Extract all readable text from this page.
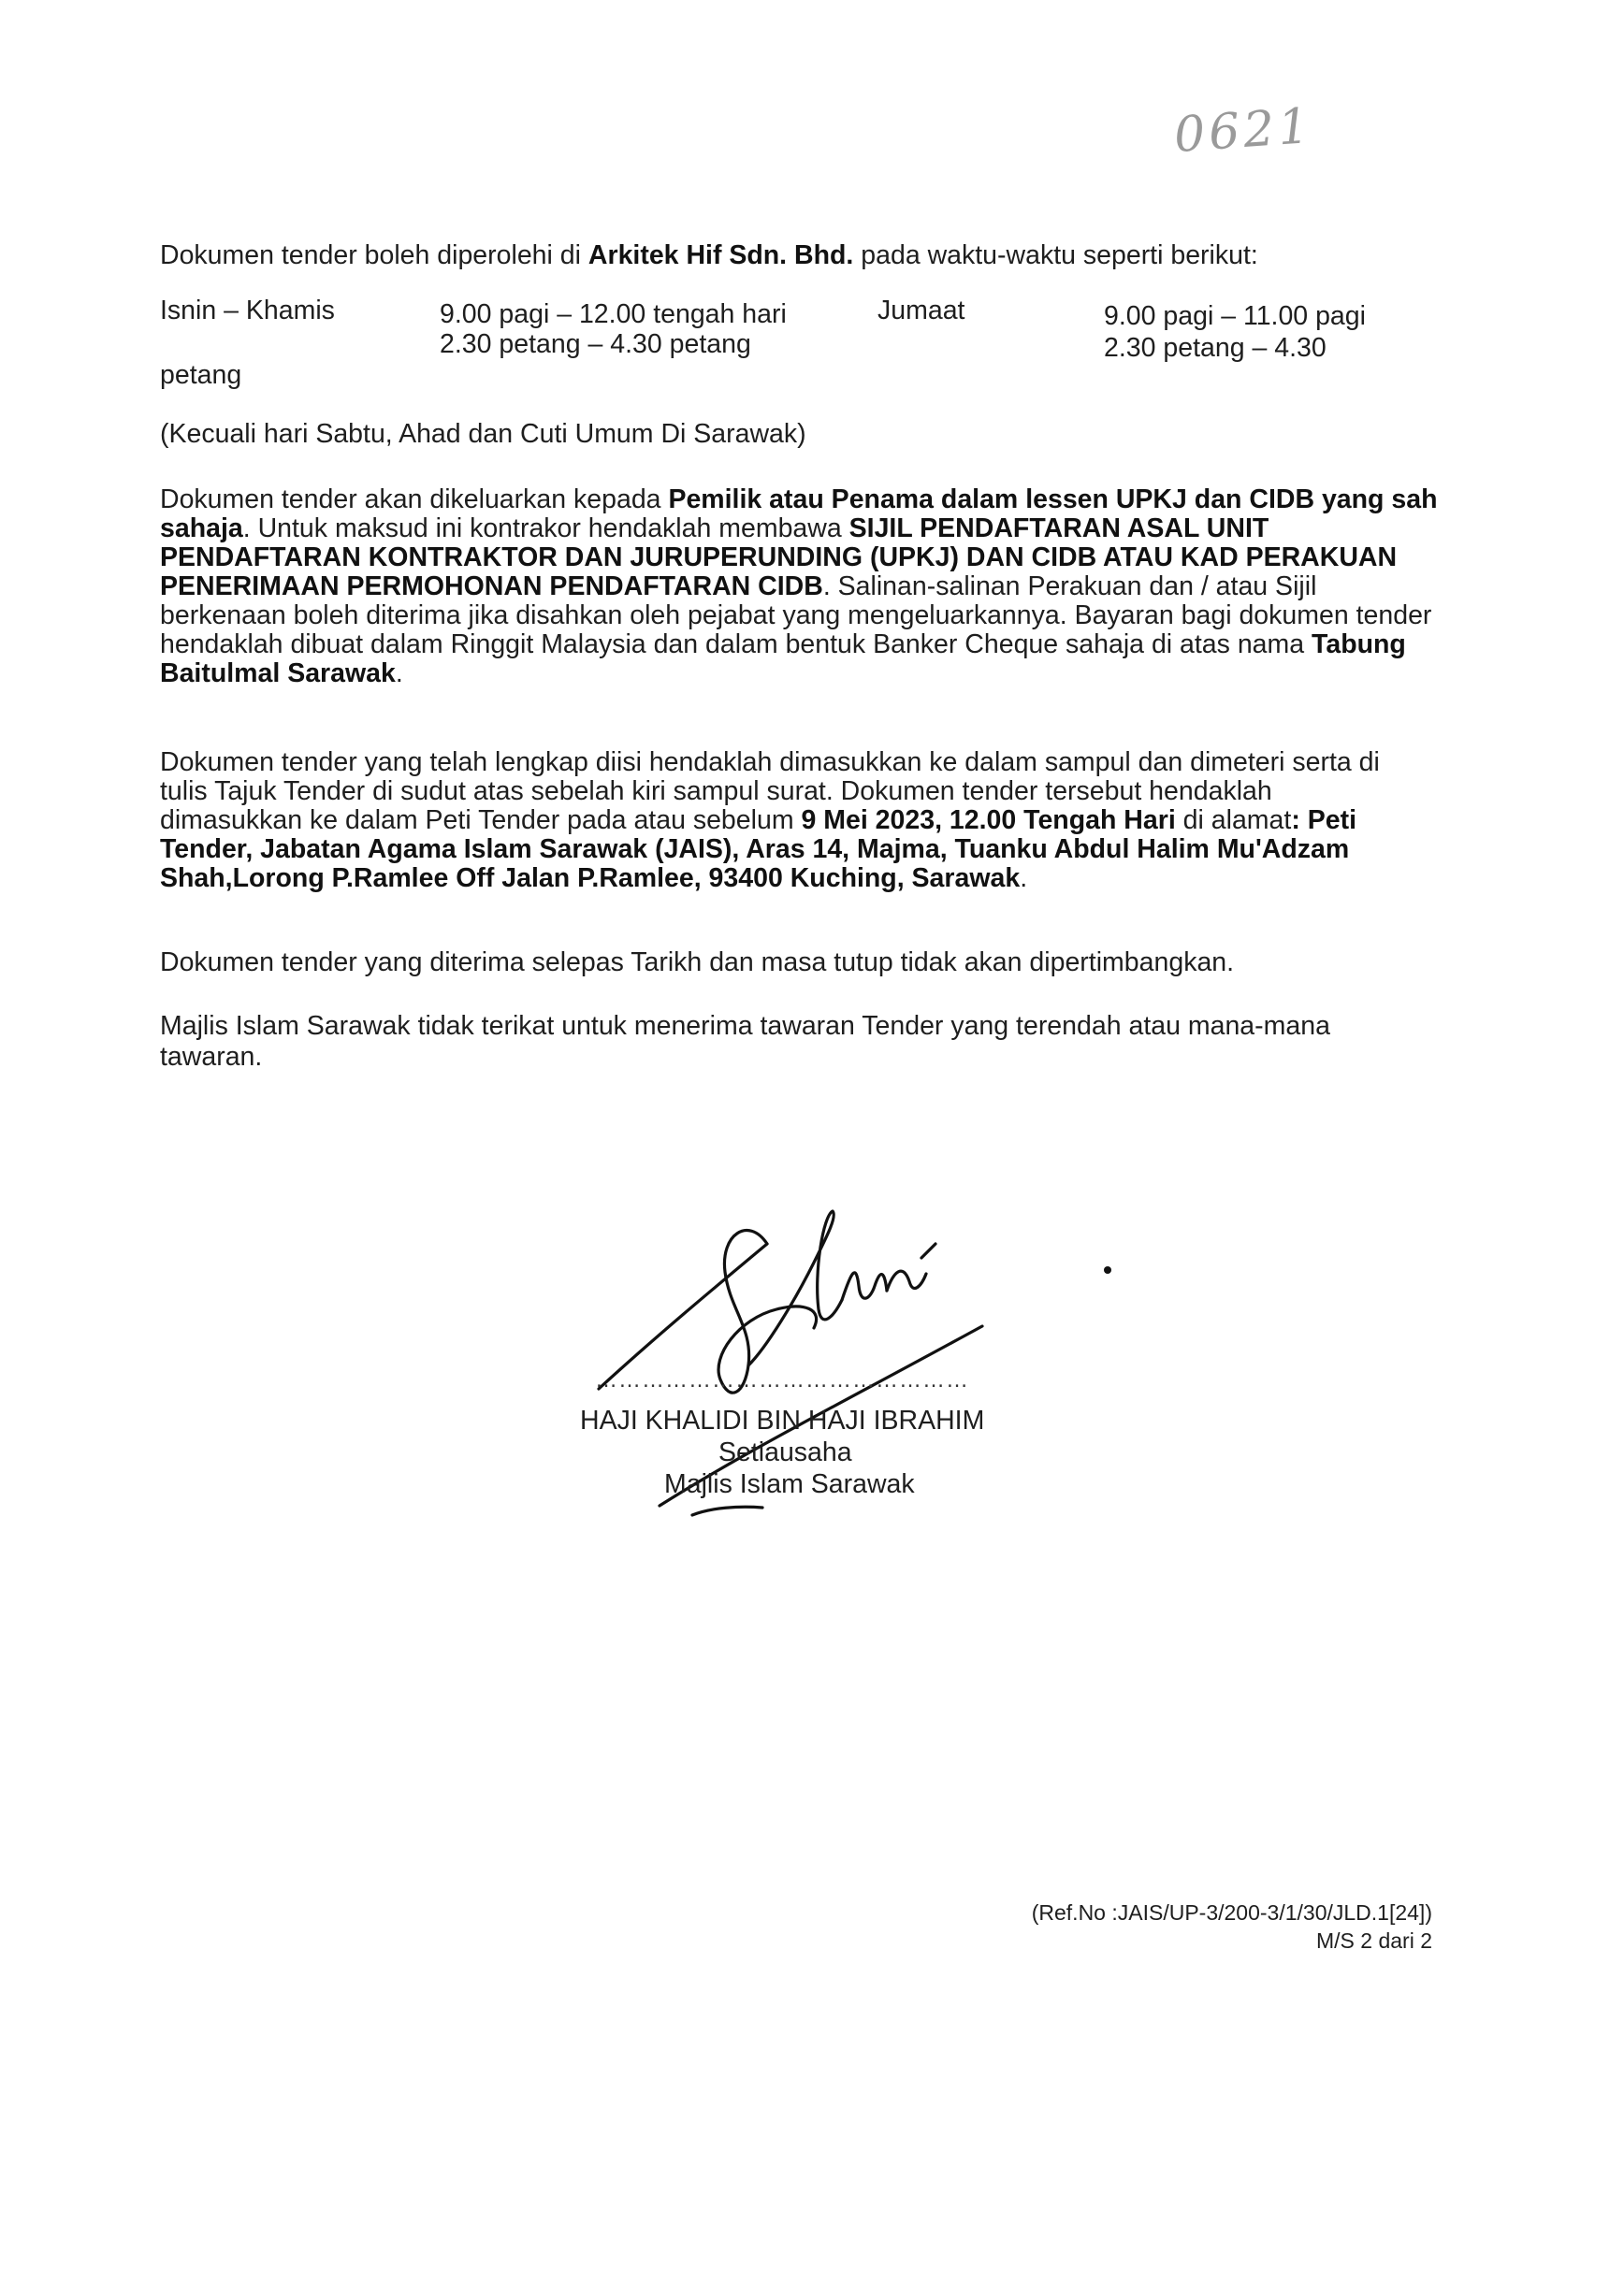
0621
Dokumen tender boleh diperolehi di Arkitek Hif Sdn. Bhd. pada waktu-waktu seperti berikut:
Isnin – Khamis	9.00 pagi – 12.00 tengah hari
2.30 petang – 4.30 petang
Jumaat	9.00 pagi – 11.00 pagi
2.30 petang – 4.30
petang
(Kecuali hari Sabtu, Ahad dan Cuti Umum Di Sarawak)
Dokumen tender akan dikeluarkan kepada Pemilik atau Penama dalam lessen UPKJ dan CIDB yang sah sahaja. Untuk maksud ini kontrakor hendaklah membawa SIJIL PENDAFTARAN ASAL UNIT PENDAFTARAN KONTRAKTOR DAN JURUPERUNDING (UPKJ) DAN CIDB ATAU KAD PERAKUAN PENERIMAAN PERMOHONAN PENDAFTARAN CIDB. Salinan-salinan Perakuan dan / atau Sijil berkenaan boleh diterima jika disahkan oleh pejabat yang mengeluarkannya. Bayaran bagi dokumen tender hendaklah dibuat dalam Ringgit Malaysia dan dalam bentuk Banker Cheque sahaja di atas nama Tabung Baitulmal Sarawak.
Dokumen tender yang telah lengkap diisi hendaklah dimasukkan ke dalam sampul dan dimeteri serta di tulis Tajuk Tender di sudut atas sebelah kiri sampul surat. Dokumen tender tersebut hendaklah dimasukkan ke dalam Peti Tender pada atau sebelum 9 Mei 2023, 12.00 Tengah Hari di alamat: Peti Tender, Jabatan Agama Islam Sarawak (JAIS), Aras 14, Majma, Tuanku Abdul Halim Mu'Adzam Shah,Lorong P.Ramlee Off Jalan P.Ramlee, 93400 Kuching, Sarawak.
Dokumen tender yang diterima selepas Tarikh dan masa tutup tidak akan dipertimbangkan.
Majlis Islam Sarawak tidak terikat untuk menerima tawaran Tender yang terendah atau mana-mana tawaran.
…………………………………………
HAJI KHALIDI BIN HAJI IBRAHIM
Setiausaha
Majlis Islam Sarawak
(Ref.No :JAIS/UP-3/200-3/1/30/JLD.1[24])
M/S 2 dari 2
